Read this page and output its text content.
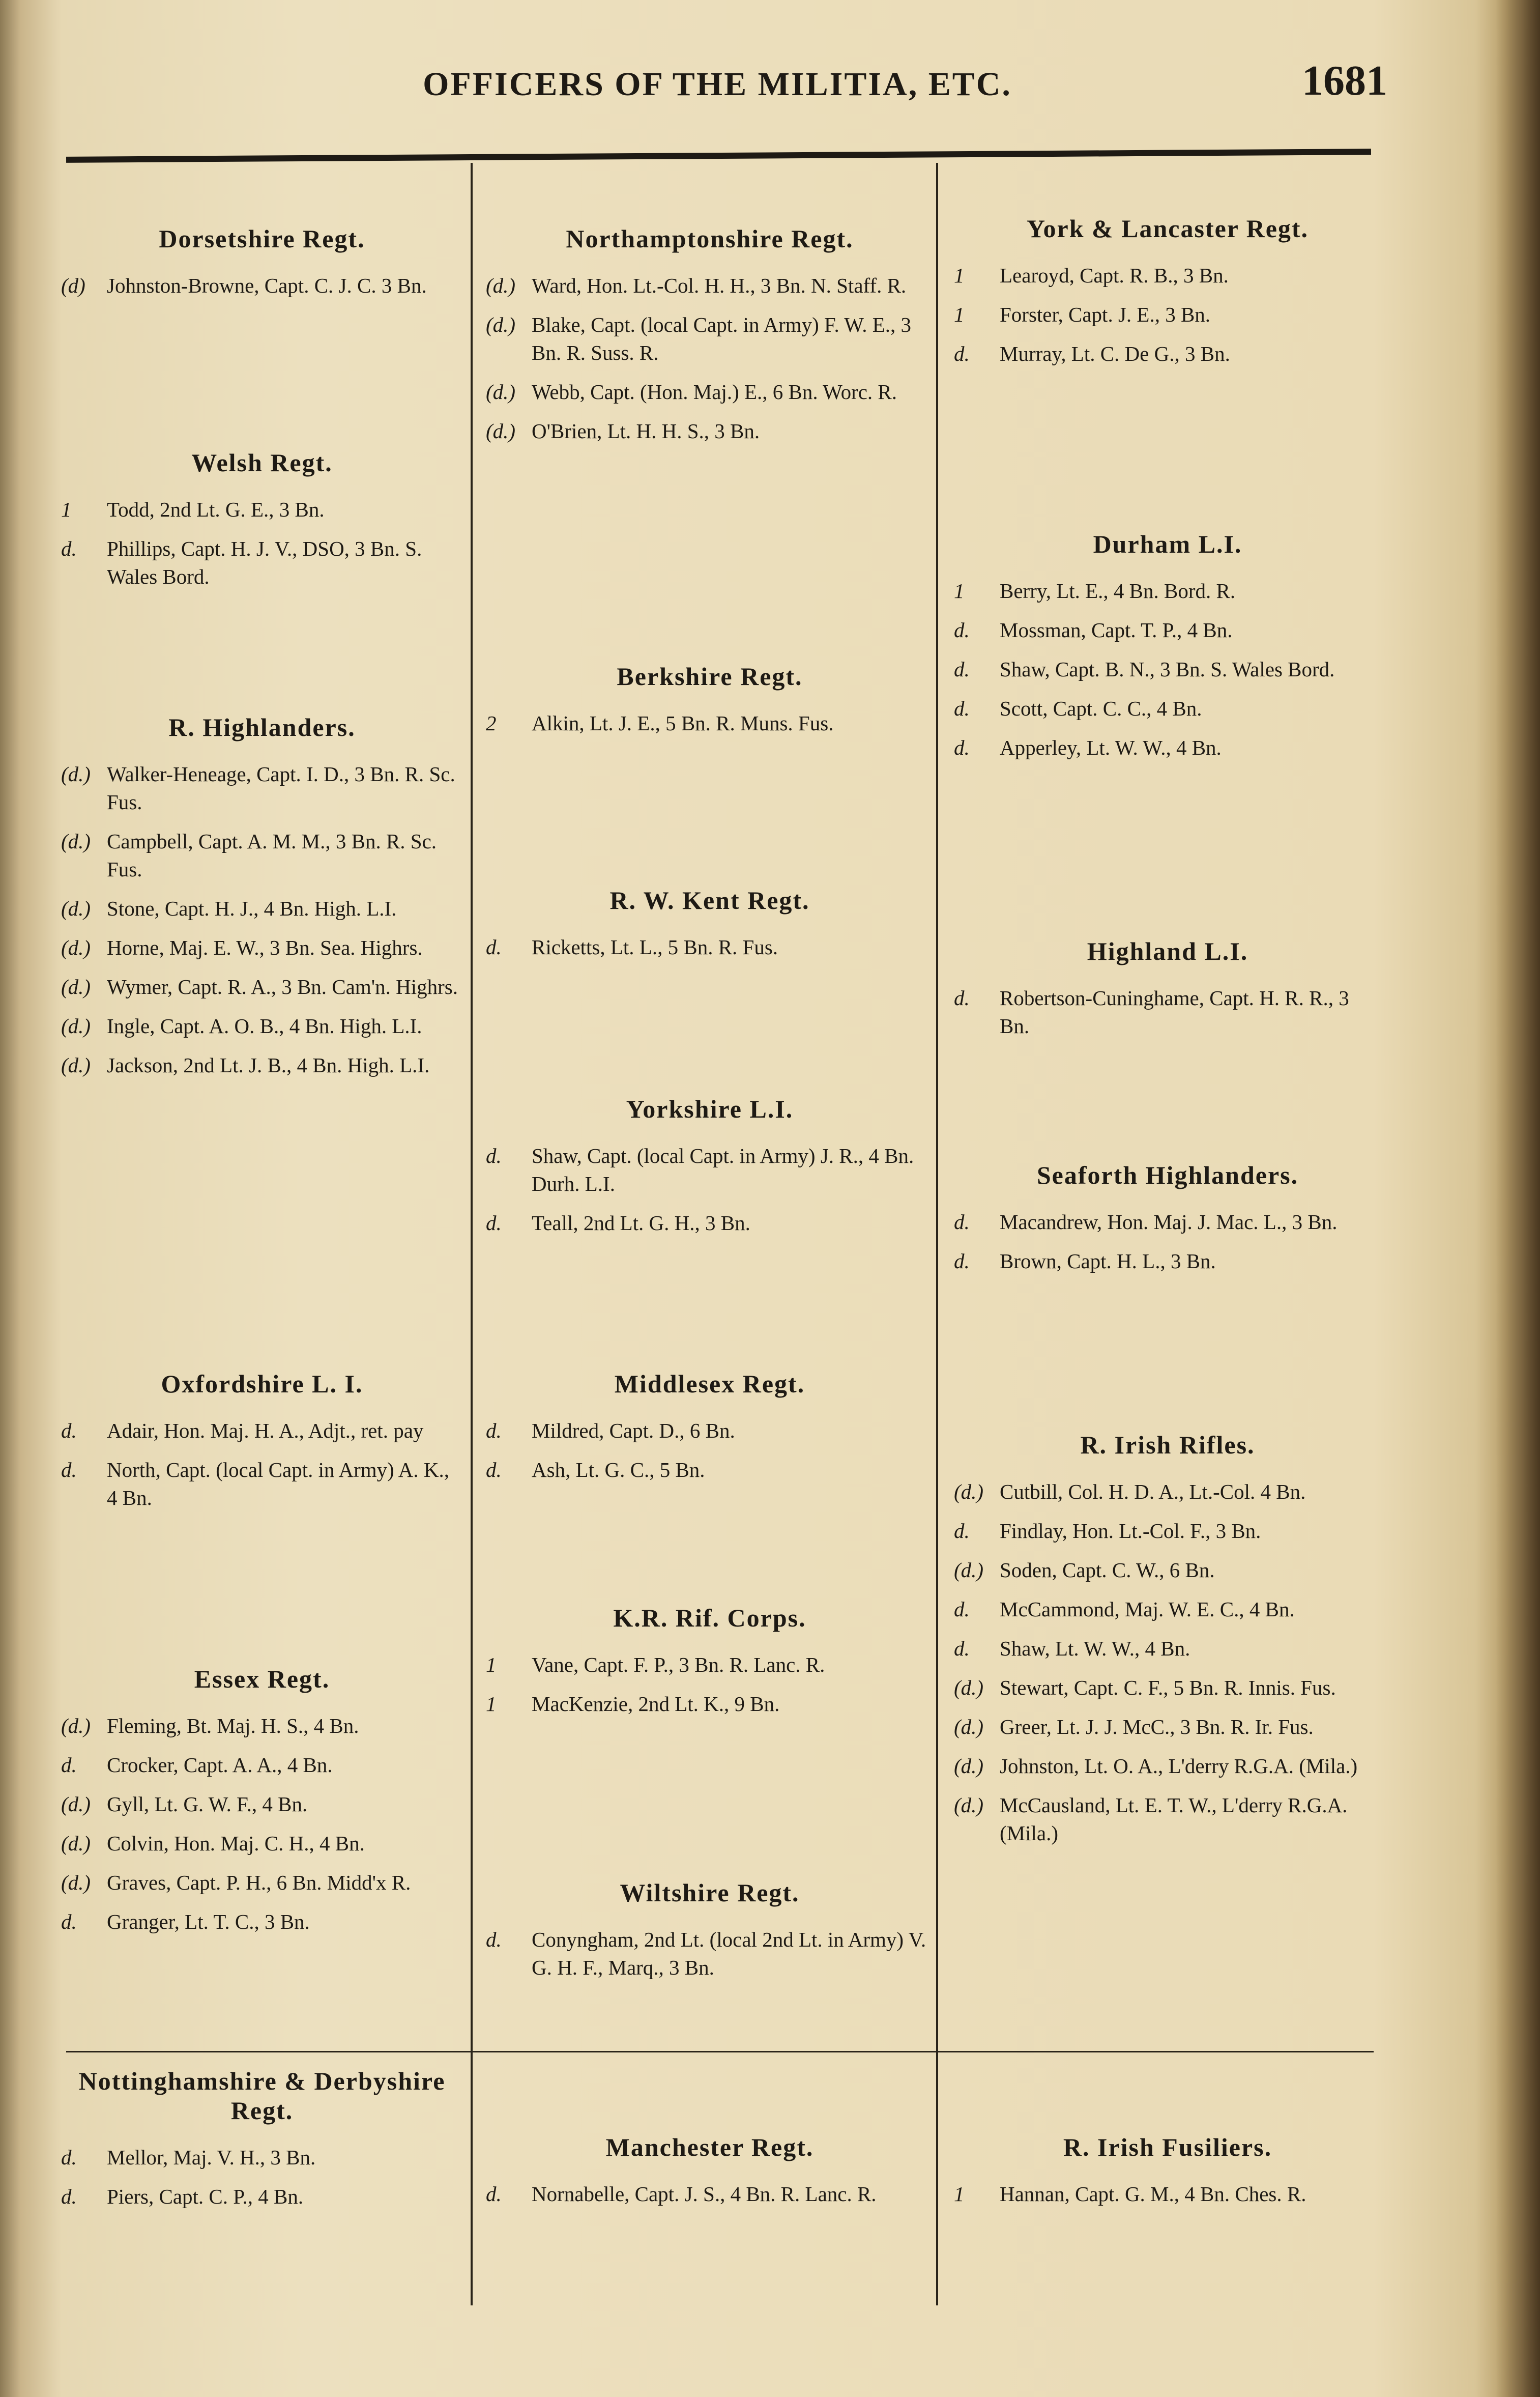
OFFICERS OF THE MILITIA, ETC.	1681
Dorsetshire Regt.
(d) Johnston-Browne, Capt. C. J. C. 3 Bn.
Welsh Regt.
1 Todd, 2nd Lt. G. E., 3 Bn.
d. Phillips, Capt. H. J. V., DSO, 3 Bn. S. Wales Bord.
R. Highlanders.
(d.) Walker-Heneage, Capt. I. D., 3 Bn. R. Sc. Fus.
(d.) Campbell, Capt. A. M. M., 3 Bn. R. Sc. Fus.
(d.) Stone, Capt. H. J., 4 Bn. High. L.I.
(d.) Horne, Maj. E. W., 3 Bn. Sea. Highrs.
(d.) Wymer, Capt. R. A., 3 Bn. Cam'n. Highrs.
(d.) Ingle, Capt. A. O. B., 4 Bn. High. L.I.
(d.) Jackson, 2nd Lt. J. B., 4 Bn. High. L.I.
Oxfordshire L. I.
d. Adair, Hon. Maj. H. A., Adjt., ret. pay
d. North, Capt. (local Capt. in Army) A. K., 4 Bn.
Essex Regt.
(d.) Fleming, Bt. Maj. H. S., 4 Bn.
d. Crocker, Capt. A. A., 4 Bn.
(d.) Gyll, Lt. G. W. F., 4 Bn.
(d.) Colvin, Hon. Maj. C. H., 4 Bn.
(d.) Graves, Capt. P. H., 6 Bn. Midd'x R.
d. Granger, Lt. T. C., 3 Bn.
Nottinghamshire & Derbyshire Regt.
d. Mellor, Maj. V. H., 3 Bn.
d. Piers, Capt. C. P., 4 Bn.
Northamptonshire Regt.
(d.) Ward, Hon. Lt.-Col. H. H., 3 Bn. N. Staff. R.
(d.) Blake, Capt. (local Capt. in Army) F. W. E., 3 Bn. R. Suss. R.
(d.) Webb, Capt. (Hon. Maj.) E., 6 Bn. Worc. R.
(d.) O'Brien, Lt. H. H. S., 3 Bn.
Berkshire Regt.
2 Alkin, Lt. J. E., 5 Bn. R. Muns. Fus.
R. W. Kent Regt.
d. Ricketts, Lt. L., 5 Bn. R. Fus.
Yorkshire L.I.
d. Shaw, Capt. (local Capt. in Army) J. R., 4 Bn. Durh. L.I.
d. Teall, 2nd Lt. G. H., 3 Bn.
Middlesex Regt.
d. Mildred, Capt. D., 6 Bn.
d. Ash, Lt. G. C., 5 Bn.
K.R. Rif. Corps.
1 Vane, Capt. F. P., 3 Bn. R. Lanc. R.
1 MacKenzie, 2nd Lt. K., 9 Bn.
Wiltshire Regt.
d. Conyngham, 2nd Lt. (local 2nd Lt. in Army) V. G. H. F., Marq., 3 Bn.
Manchester Regt.
d. Nornabelle, Capt. J. S., 4 Bn. R. Lanc. R.
York & Lancaster Regt.
1 Learoyd, Capt. R. B., 3 Bn.
1 Forster, Capt. J. E., 3 Bn.
d. Murray, Lt. C. De G., 3 Bn.
Durham L.I.
1 Berry, Lt. E., 4 Bn. Bord. R.
d. Mossman, Capt. T. P., 4 Bn.
d. Shaw, Capt. B. N., 3 Bn. S. Wales Bord.
d. Scott, Capt. C. C., 4 Bn.
d. Apperley, Lt. W. W., 4 Bn.
Highland L.I.
d. Robertson-Cuninghame, Capt. H. R. R., 3 Bn.
Seaforth Highlanders.
d. Macandrew, Hon. Maj. J. Mac. L., 3 Bn.
d. Brown, Capt. H. L., 3 Bn.
R. Irish Rifles.
(d.) Cutbill, Col. H. D. A., Lt.-Col. 4 Bn.
d. Findlay, Hon. Lt.-Col. F., 3 Bn.
(d.) Soden, Capt. C. W., 6 Bn.
d. McCammond, Maj. W. E. C., 4 Bn.
d. Shaw, Lt. W. W., 4 Bn.
(d.) Stewart, Capt. C. F., 5 Bn. R. Innis. Fus.
(d.) Greer, Lt. J. J. McC., 3 Bn. R. Ir. Fus.
(d.) Johnston, Lt. O. A., L'derry R.G.A. (Mila.)
(d.) McCausland, Lt. E. T. W., L'derry R.G.A. (Mila.)
R. Irish Fusiliers.
1 Hannan, Capt. G. M., 4 Bn. Ches. R.
